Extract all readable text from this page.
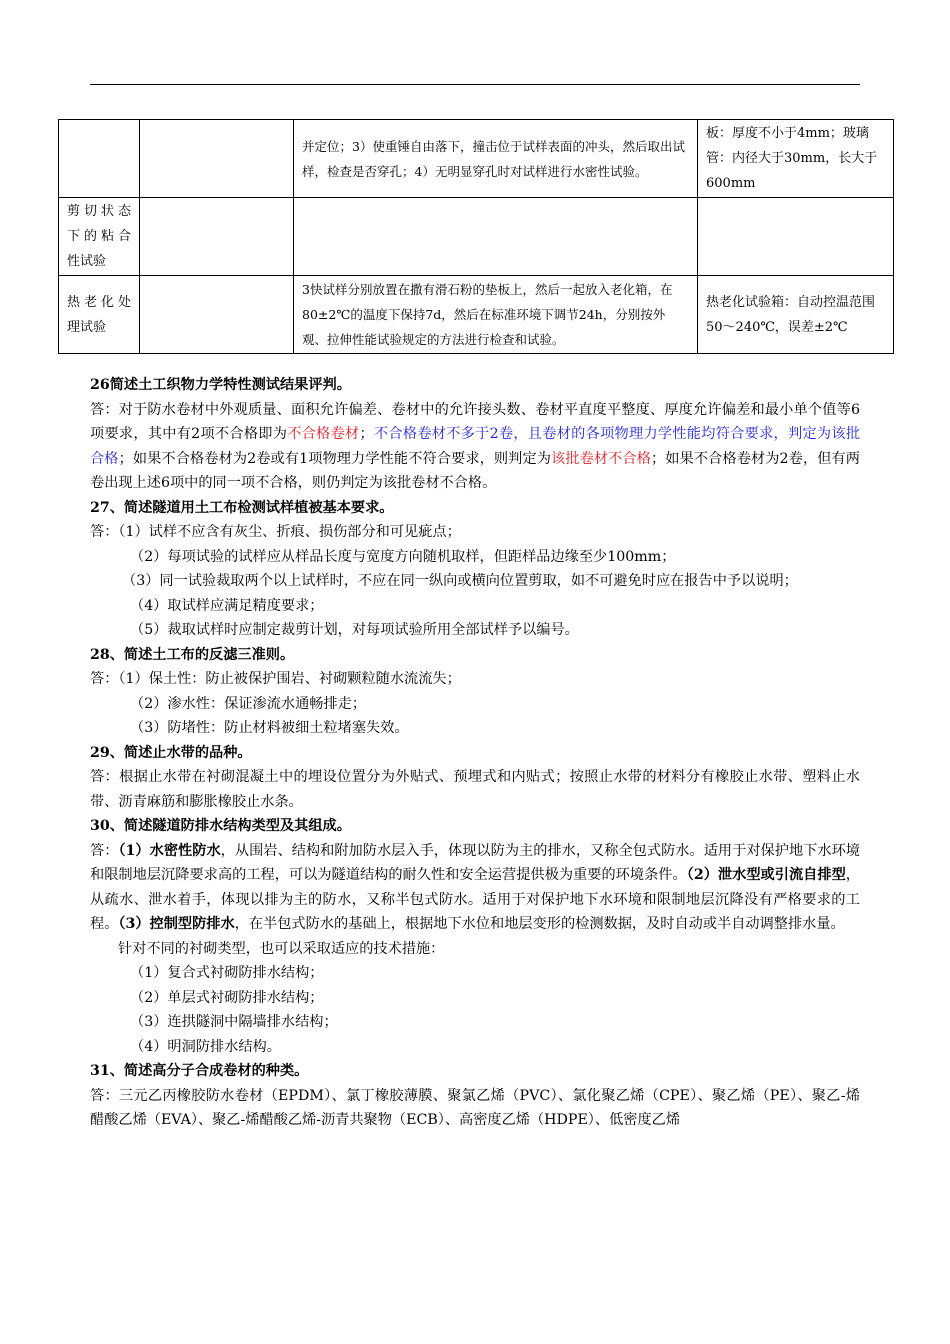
		并定位；3）使重锤自由落下，撞击位于试样表面的冲头，然后取出试样，检查是否穿孔；4）无明显穿孔时对试样进行水密性试验。	板：厚度不小于4mm；玻璃管：内径大于30mm，长大于600mm
剪切状态下的粘合性试验			
热老化处理试验		3快试样分别放置在撒有滑石粉的垫板上，然后一起放入老化箱，在80±2℃的温度下保持7d，然后在标准环境下调节24h，分别按外观、拉伸性能试验规定的方法进行检查和试验。	热老化试验箱：自动控温范围50～240℃，误差±2℃

26简述土工织物力学特性测试结果评判。

答：对于防水卷材中外观质量、面积允许偏差、卷材中的允许接头数、卷材平直度平整度、厚度允许偏差和最小单个值等6项要求，其中有2项不合格即为不合格卷材；不合格卷材不多于2卷，且卷材的各项物理力学性能均符合要求，判定为该批合格；如果不合格卷材为2卷或有1项物理力学性能不符合要求，则判定为该批卷材不合格；如果不合格卷材为2卷，但有两卷出现上述6项中的同一项不合格，则仍判定为该批卷材不合格。

27、简述隧道用土工布检测试样植被基本要求。

答：（1）试样不应含有灰尘、折痕、损伤部分和可见疵点；

（2）每项试验的试样应从样品长度与宽度方向随机取样，但距样品边缘至少100mm；

（3）同一试验裁取两个以上试样时，不应在同一纵向或横向位置剪取，如不可避免时应在报告中予以说明；

（4）取试样应满足精度要求；

（5）裁取试样时应制定裁剪计划，对每项试验所用全部试样予以编号。

28、简述土工布的反滤三准则。

答：（1）保土性：防止被保护围岩、衬砌颗粒随水流流失；

（2）渗水性：保证渗流水通畅排走；

（3）防堵性：防止材料被细土粒堵塞失效。

29、简述止水带的品种。

答：根据止水带在衬砌混凝土中的埋设位置分为外贴式、预埋式和内贴式；按照止水带的材料分有橡胶止水带、塑料止水带、沥青麻筋和膨胀橡胶止水条。

30、简述隧道防排水结构类型及其组成。

答：（1）水密性防水，从围岩、结构和附加防水层入手，体现以防为主的排水，又称全包式防水。适用于对保护地下水环境和限制地层沉降要求高的工程，可以为隧道结构的耐久性和安全运营提供极为重要的环境条件。（2）泄水型或引流自排型，从疏水、泄水着手，体现以排为主的防水，又称半包式防水。适用于对保护地下水环境和限制地层沉降没有严格要求的工程。（3）控制型防排水，在半包式防水的基础上，根据地下水位和地层变形的检测数据，及时自动或半自动调整排水量。

针对不同的衬砌类型，也可以采取适应的技术措施：

（1）复合式衬砌防排水结构；

（2）单层式衬砌防排水结构；

（3）连拱隧洞中隔墙排水结构；

（4）明洞防排水结构。

31、简述高分子合成卷材的种类。

答：三元乙丙橡胶防水卷材（EPDM）、氯丁橡胶薄膜、聚氯乙烯（PVC）、氯化聚乙烯（CPE）、聚乙烯（PE）、聚乙-烯醋酸乙烯（EVA）、聚乙-烯醋酸乙烯-沥青共聚物（ECB）、高密度乙烯（HDPE）、低密度乙烯
